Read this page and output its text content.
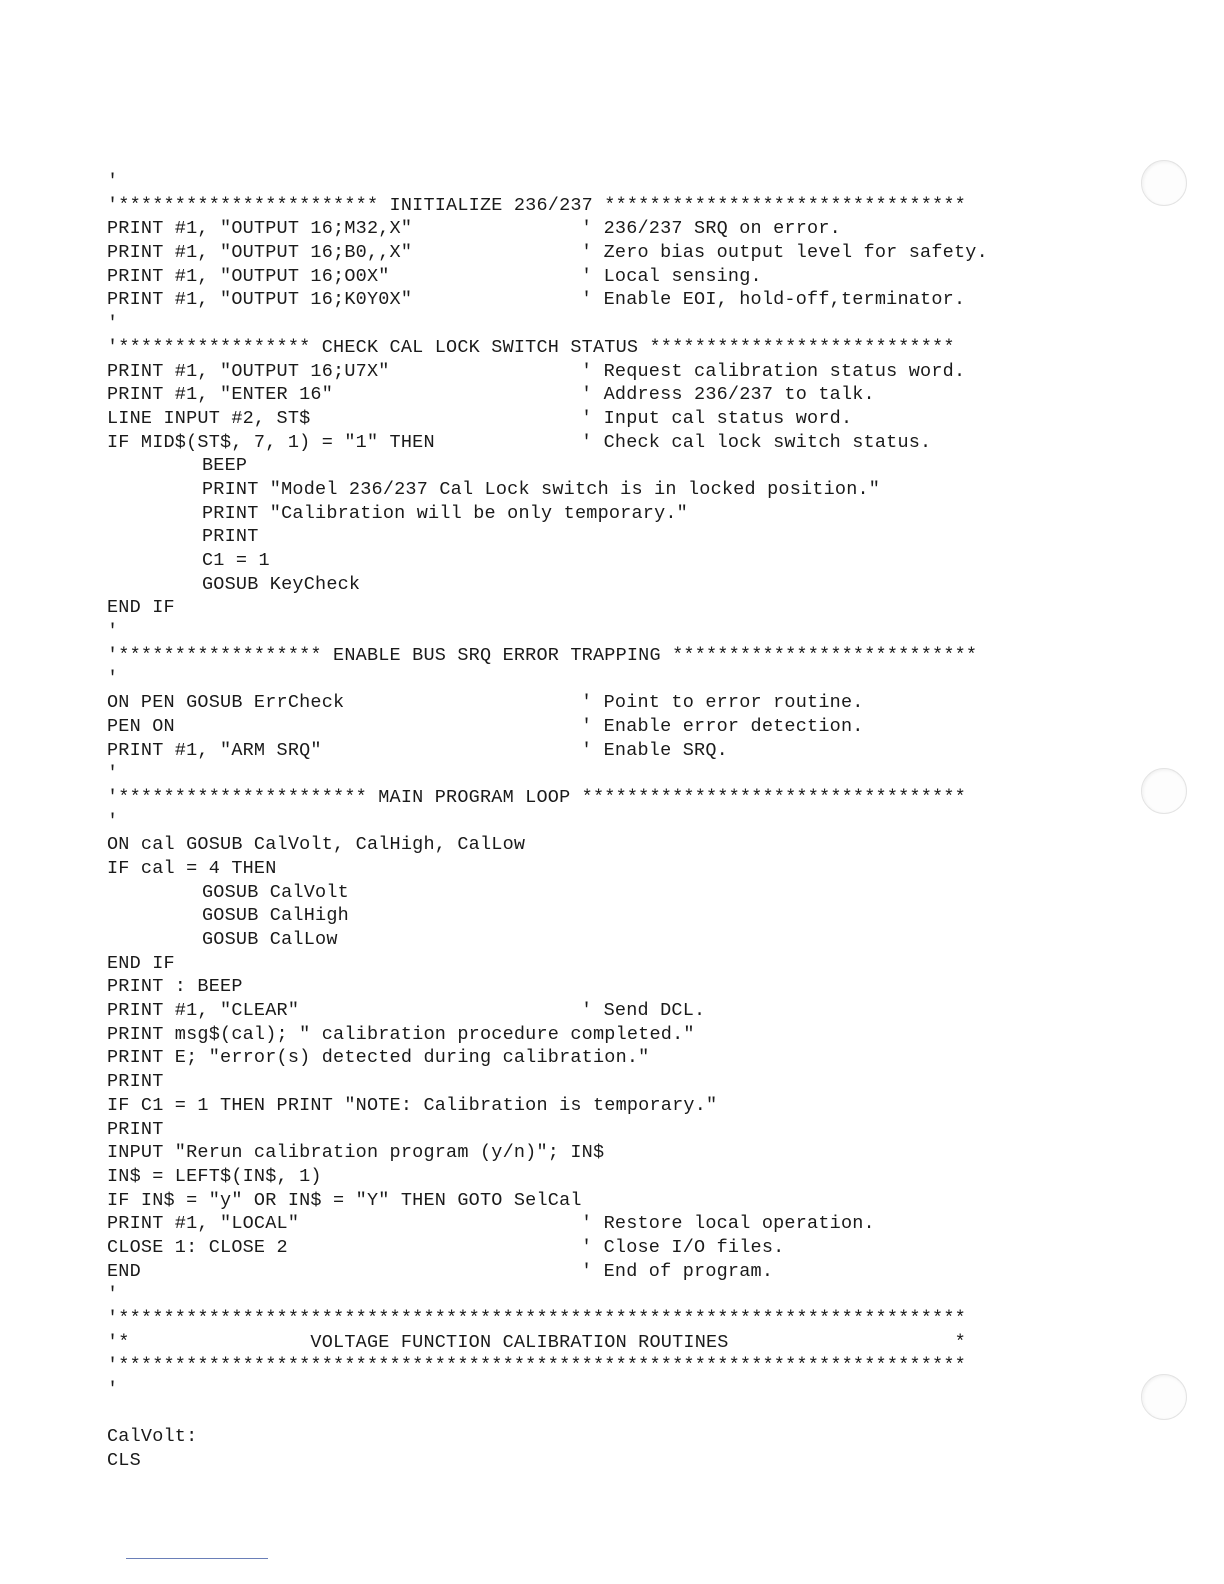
'
'*********************** INITIALIZE 236/237 ********************************
PRINT #1, "OUTPUT 16;M32,X"	' 236/237 SRQ on error.
PRINT #1, "OUTPUT 16;B0,,X"	' Zero bias output level for safety.
PRINT #1, "OUTPUT 16;O0X"	' Local sensing.
PRINT #1, "OUTPUT 16;K0Y0X"	' Enable EOI, hold-off,terminator.
'
'***************** CHECK CAL LOCK SWITCH STATUS ***************************
PRINT #1, "OUTPUT 16;U7X"	' Request calibration status word.
PRINT #1, "ENTER 16"	' Address 236/237 to talk.
LINE INPUT #2, ST$	' Input cal status word.
IF MID$(ST$, 7, 1) = "1" THEN	' Check cal lock switch status.
BEEP
PRINT "Model 236/237 Cal Lock switch is in locked position."
PRINT "Calibration will be only temporary."
PRINT
C1 = 1
GOSUB KeyCheck
END IF
'
'****************** ENABLE BUS SRQ ERROR TRAPPING ***************************
'
ON PEN GOSUB ErrCheck	' Point to error routine.
PEN ON	' Enable error detection.
PRINT #1, "ARM SRQ"	' Enable SRQ.
'
'********************** MAIN PROGRAM LOOP **********************************
'
ON cal GOSUB CalVolt, CalHigh, CalLow
IF cal = 4 THEN
GOSUB CalVolt
GOSUB CalHigh
GOSUB CalLow
END IF
PRINT : BEEP
PRINT #1, "CLEAR"	' Send DCL.
PRINT msg$(cal); " calibration procedure completed."
PRINT E; "error(s) detected during calibration."
PRINT
IF C1 = 1 THEN PRINT "NOTE: Calibration is temporary."
PRINT
INPUT "Rerun calibration program (y/n)"; IN$
IN$ = LEFT$(IN$, 1)
IF IN$ = "y" OR IN$ = "Y" THEN GOTO SelCal
PRINT #1, "LOCAL"	' Restore local operation.
CLOSE 1: CLOSE 2	' Close I/O files.
END	' End of program.
'
'***************************************************************************
'*                VOLTAGE FUNCTION CALIBRATION ROUTINES                    *
'***************************************************************************
'
CalVolt:
CLS
